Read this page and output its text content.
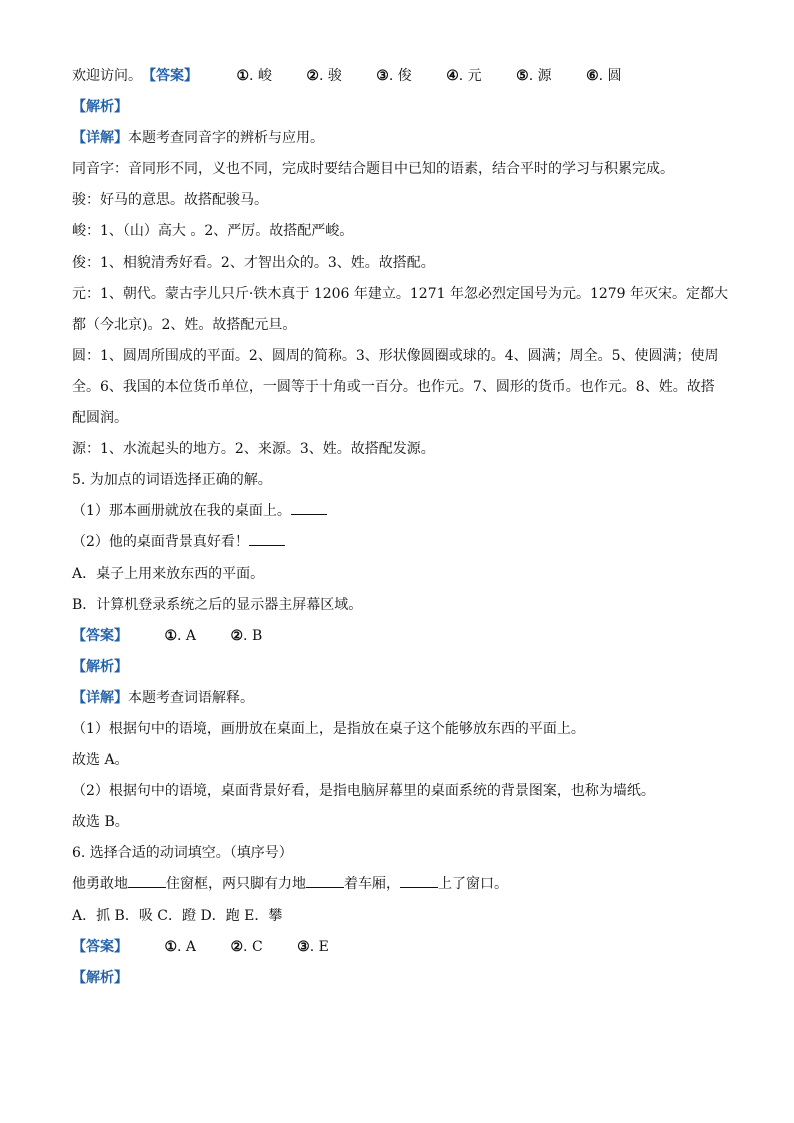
欢迎访问。【答案】	①. 峻 ②. 骏 ③. 俊 ④. 元 ⑤. 源 ⑥. 圆
【解析】
【详解】本题考查同音字的辨析与应用。
同音字：音同形不同，义也不同，完成时要结合题目中已知的语素，结合平时的学习与积累完成。
骏：好马的意思。故搭配骏马。
峻：1、（山）高大 。2、严厉。故搭配严峻。
俊：1、相貌清秀好看。2、才智出众的。3、姓。故搭配。
元：1、朝代。蒙古孛儿只斤·铁木真于 1206 年建立。1271 年忽必烈定国号为元。1279 年灭宋。定都大
都（今北京)。2、姓。故搭配元旦。
圆：1、圆周所围成的平面。2、圆周的简称。3、形状像圆圈或球的。4、圆满；周全。5、使圆满；使周
全。6、我国的本位货币单位，一圆等于十角或一百分。也作元。7、圆形的货币。也作元。8、姓。故搭
配圆润。
源：1、水流起头的地方。2、来源。3、姓。故搭配发源。
5. 为加点的词语选择正确的解。
（1）那本画册就放在我的桌面上。
（2）他的桌面背景真好看！
A．桌子上用来放东西的平面。
B．计算机登录系统之后的显示器主屏幕区域。
【答案】	①. A ②. B
【解析】
【详解】本题考查词语解释。
（1）根据句中的语境，画册放在桌面上，是指放在桌子这个能够放东西的平面上。
故选 A。
（2）根据句中的语境，桌面背景好看，是指电脑屏幕里的桌面系统的背景图案，也称为墙纸。
故选 B。
6. 选择合适的动词填空。（填序号）
他勇敢地	住窗框，两只脚有力地	着车厢，	上了窗口。
A．抓 B．吸 C．蹬 D．跑 E．攀
【答案】	①. A ②. C ③. E
【解析】
